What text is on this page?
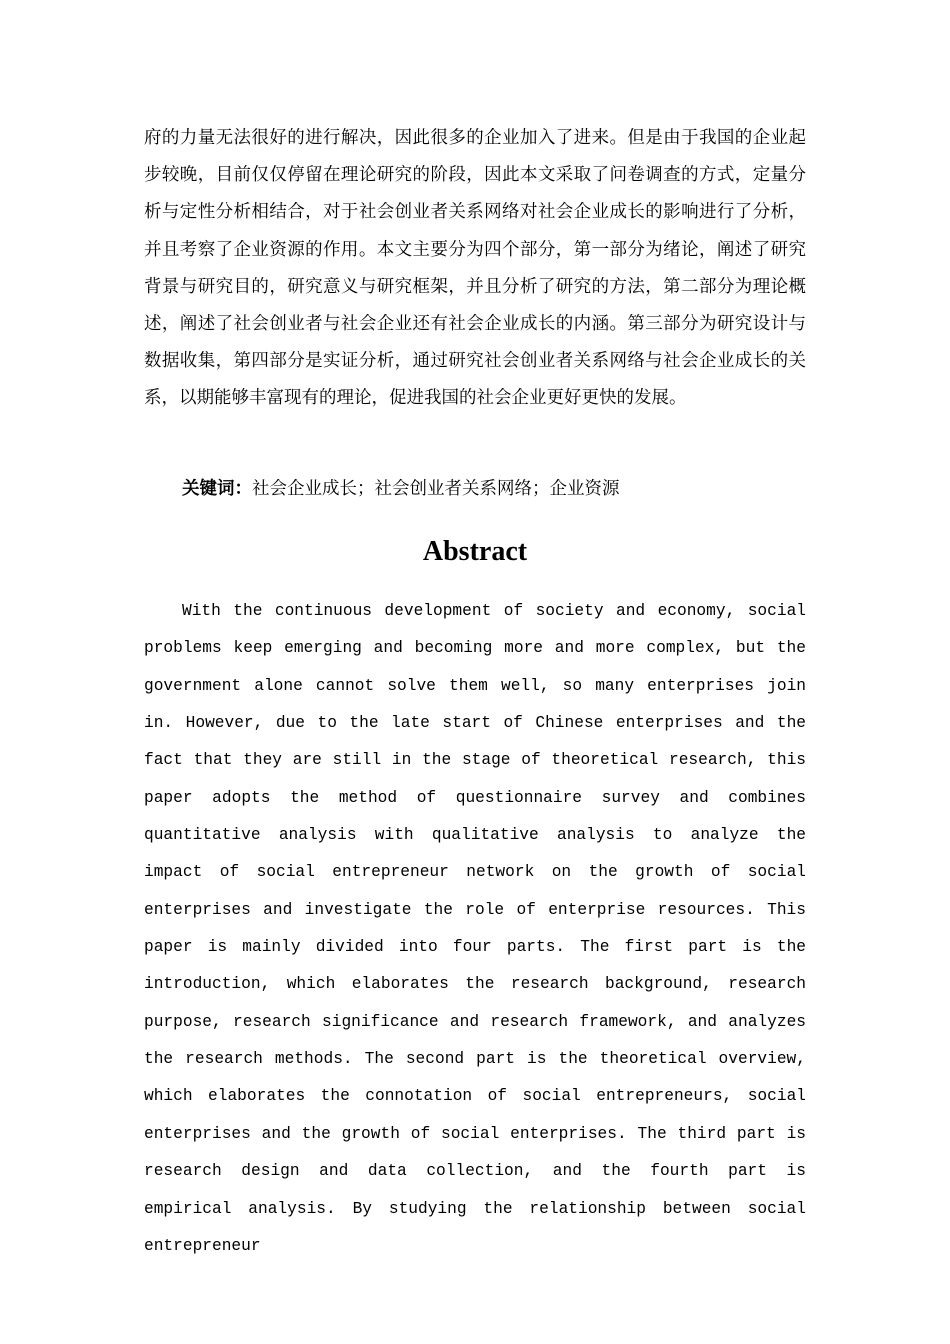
府的力量无法很好的进行解决，因此很多的企业加入了进来。但是由于我国的企业起步较晚，目前仅仅停留在理论研究的阶段，因此本文采取了问卷调查的方式，定量分析与定性分析相结合，对于社会创业者关系网络对社会企业成长的影响进行了分析，并且考察了企业资源的作用。本文主要分为四个部分，第一部分为绪论，阐述了研究背景与研究目的，研究意义与研究框架，并且分析了研究的方法，第二部分为理论概述，阐述了社会创业者与社会企业还有社会企业成长的内涵。第三部分为研究设计与数据收集，第四部分是实证分析，通过研究社会创业者关系网络与社会企业成长的关系，以期能够丰富现有的理论，促进我国的社会企业更好更快的发展。

关键词：社会企业成长；社会创业者关系网络；企业资源

Abstract

With the continuous development of society and economy, social problems keep emerging and becoming more and more complex, but the government alone cannot solve them well, so many enterprises join in. However, due to the late start of Chinese enterprises and the fact that they are still in the stage of theoretical research, this paper adopts the method of questionnaire survey and combines quantitative analysis with qualitative analysis to analyze the impact of social entrepreneur network on the growth of social enterprises and investigate the role of enterprise resources. This paper is mainly divided into four parts. The first part is the introduction, which elaborates the research background, research purpose, research significance and research framework, and analyzes the research methods. The second part is the theoretical overview, which elaborates the connotation of social entrepreneurs, social enterprises and the growth of social enterprises. The third part is research design and data collection, and the fourth part is empirical analysis. By studying the relationship between social entrepreneur
